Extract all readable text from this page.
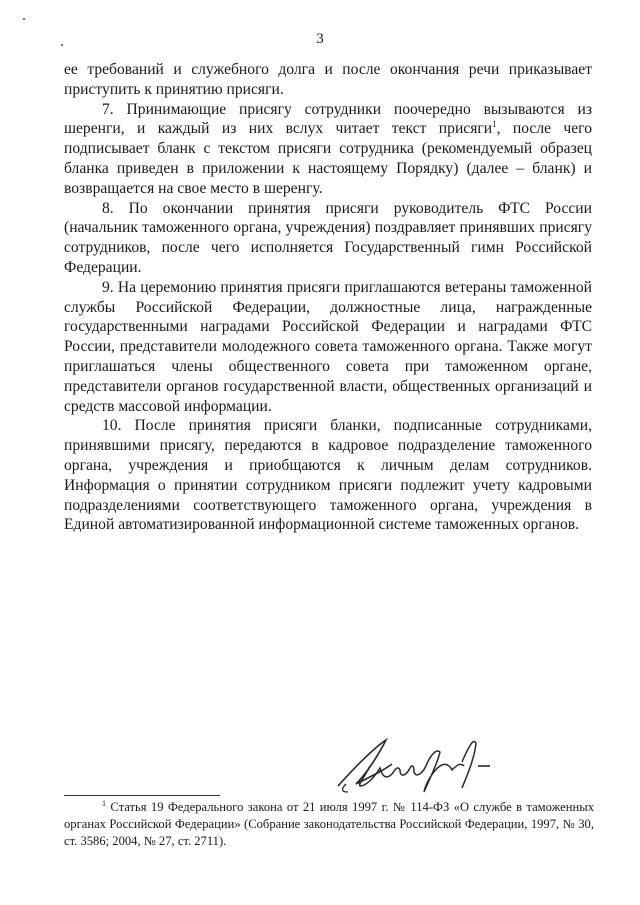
3

ее требований и служебного долга и после окончания речи приказывает приступить к принятию присяги.

7. Принимающие присягу сотрудники поочередно вызываются из шеренги, и каждый из них вслух читает текст присяги$^1$, после чего подписывает бланк с текстом присяги сотрудника (рекомендуемый образец бланка приведен в приложении к настоящему Порядку) (далее – бланк) и возвращается на свое место в шеренгу.

8. По окончании принятия присяги руководитель ФТС России (начальник таможенного органа, учреждения) поздравляет принявших присягу сотрудников, после чего исполняется Государственный гимн Российской Федерации.

9. На церемонию принятия присяги приглашаются ветераны таможенной службы Российской Федерации, должностные лица, награжденные государственными наградами Российской Федерации и наградами ФТС России, представители молодежного совета таможенного органа. Также могут приглашаться члены общественного совета при таможенном органе, представители органов государственной власти, общественных организаций и средств массовой информации.

10. После принятия присяги бланки, подписанные сотрудниками, принявшими присягу, передаются в кадровое подразделение таможенного органа, учреждения и приобщаются к личным делам сотрудников. Информация о принятии сотрудником присяги подлежит учету кадровыми подразделениями соответствующего таможенного органа, учреждения в Единой автоматизированной информационной системе таможенных органов.

$^1$ Статья 19 Федерального закона от 21 июля 1997 г. № 114-ФЗ «О службе в таможенных органах Российской Федерации» (Собрание законодательства Российской Федерации, 1997, № 30, ст. 3586; 2004, № 27, ст. 2711).
